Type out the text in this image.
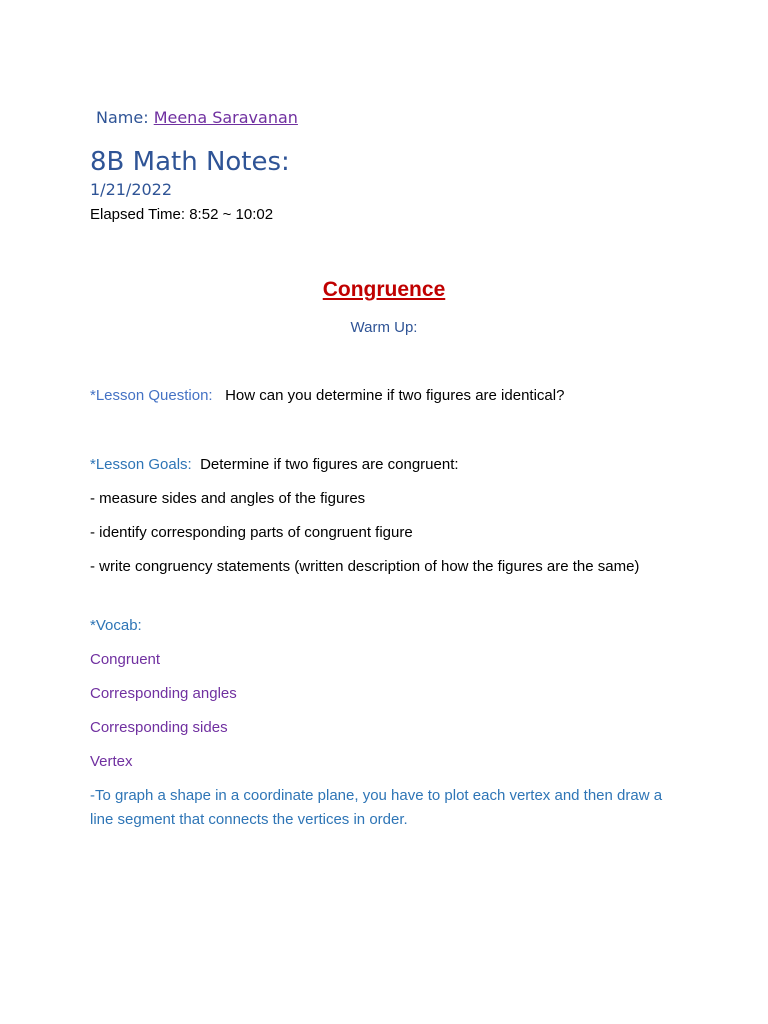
Name: Meena Saravanan
8B Math Notes:
1/21/2022
Elapsed Time: 8:52 ~ 10:02
Congruence
Warm Up:
*Lesson Question: How can you determine if two figures are identical?
*Lesson Goals: Determine if two figures are congruent:
- measure sides and angles of the figures
- identify corresponding parts of congruent figure
- write congruency statements (written description of how the figures are the same)
*Vocab:
Congruent
Corresponding angles
Corresponding sides
Vertex
-To graph a shape in a coordinate plane, you have to plot each vertex and then draw a line segment that connects the vertices in order.
